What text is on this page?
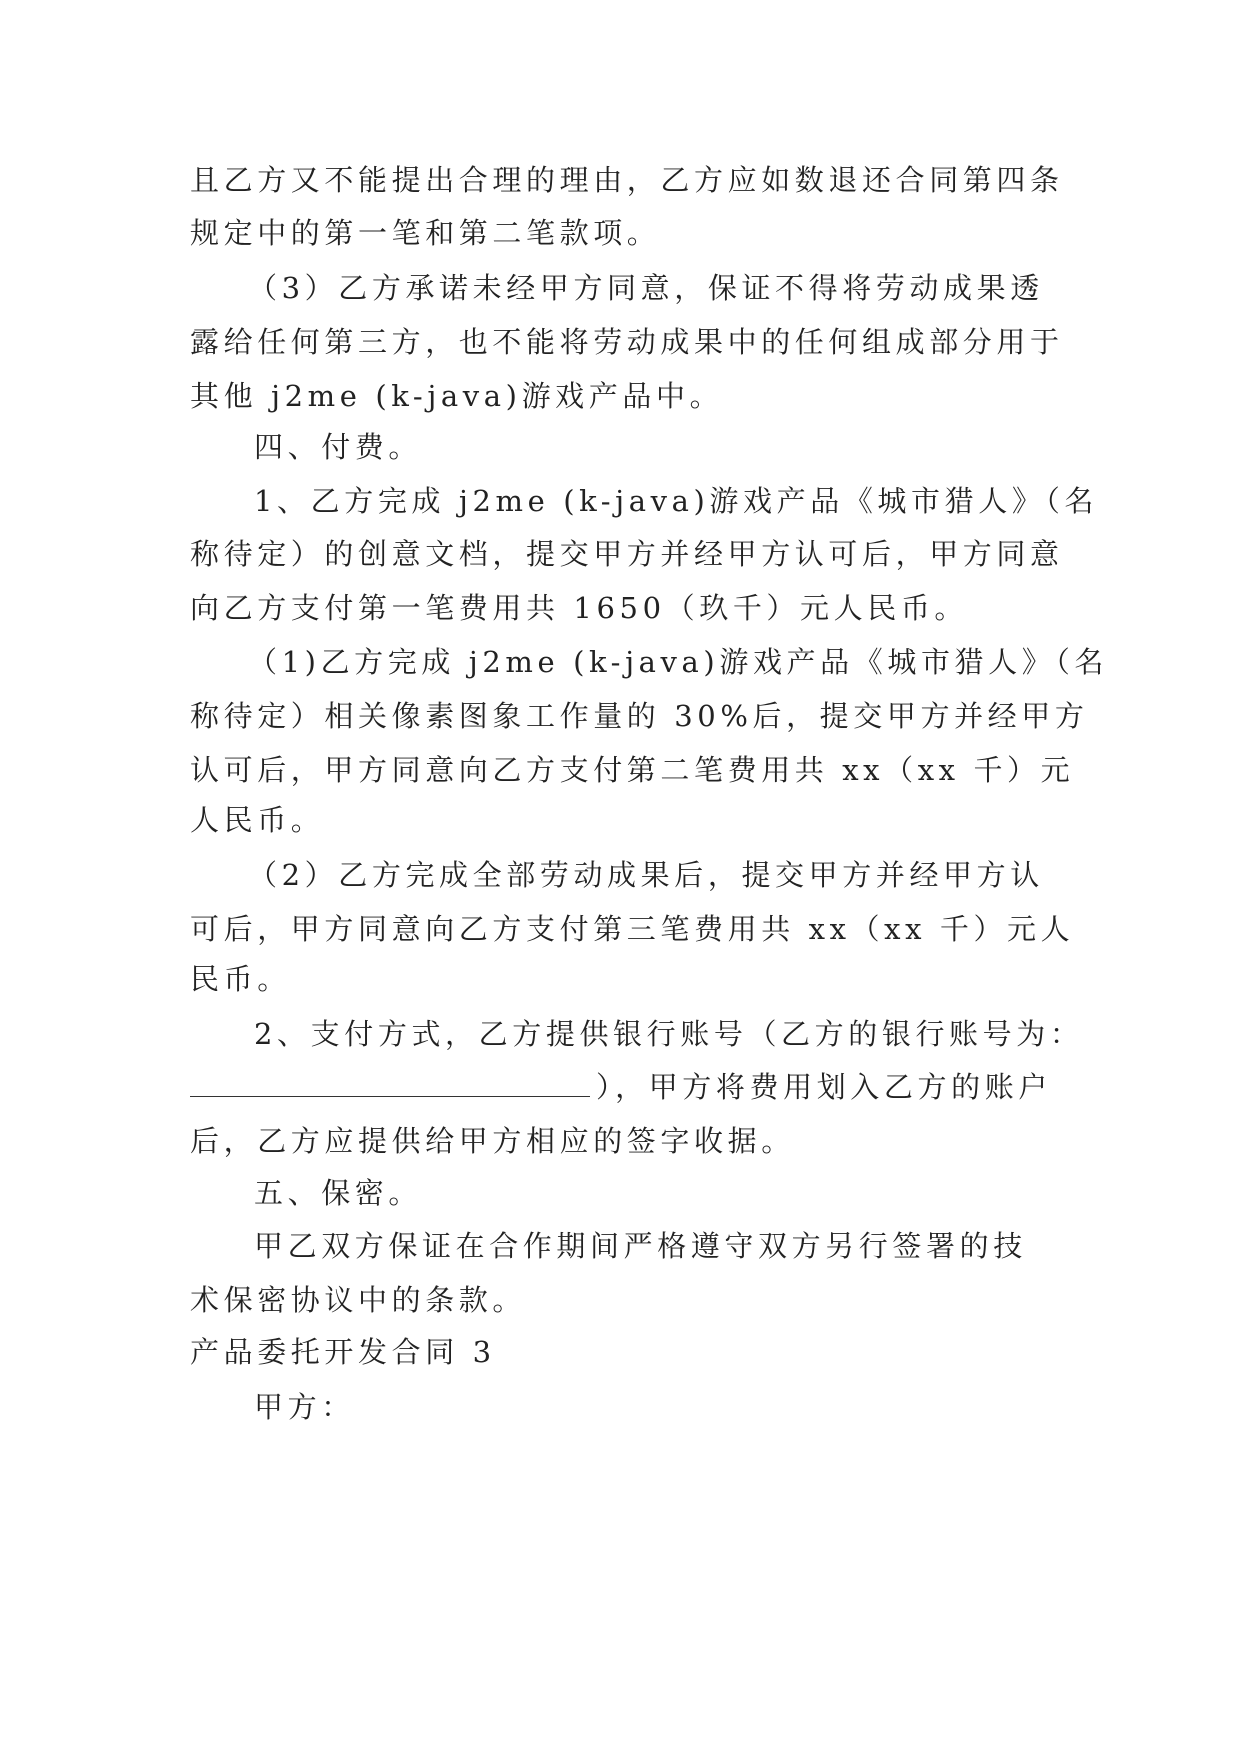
且乙方又不能提出合理的理由，乙方应如数退还合同第四条
规定中的第一笔和第二笔款项。
（3）乙方承诺未经甲方同意，保证不得将劳动成果透
露给任何第三方，也不能将劳动成果中的任何组成部分用于
其他 j2me (k-java)游戏产品中。
四、付费。
1、乙方完成 j2me (k-java)游戏产品《城市猎人》（名
称待定）的创意文档，提交甲方并经甲方认可后，甲方同意
向乙方支付第一笔费用共 1650（玖千）元人民币。
（1)乙方完成 j2me (k-java)游戏产品《城市猎人》（名
称待定）相关像素图象工作量的 30%后，提交甲方并经甲方
认可后，甲方同意向乙方支付第二笔费用共 xx（xx 千）元
人民币。
（2）乙方完成全部劳动成果后，提交甲方并经甲方认
可后，甲方同意向乙方支付第三笔费用共 xx（xx 千）元人
民币。
2、支付方式，乙方提供银行账号（乙方的银行账号为：
），甲方将费用划入乙方的账户
后，乙方应提供给甲方相应的签字收据。
五、保密。
甲乙双方保证在合作期间严格遵守双方另行签署的技
术保密协议中的条款。
产品委托开发合同 3
甲方：
